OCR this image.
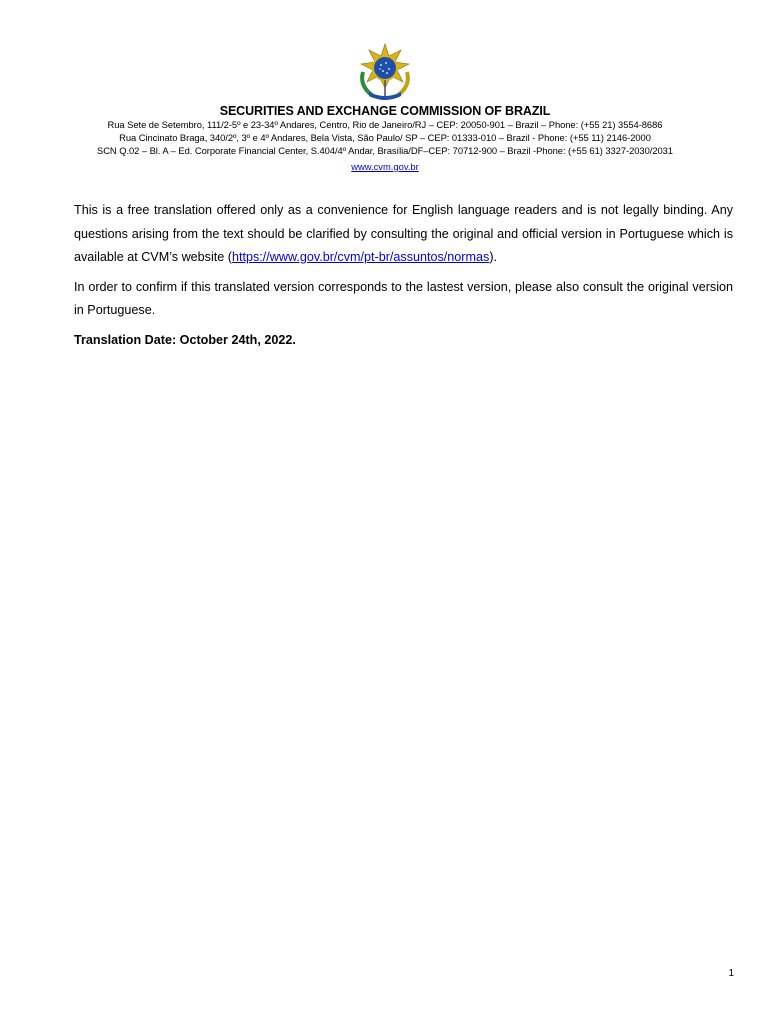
SECURITIES AND EXCHANGE COMMISSION OF BRAZIL
Rua Sete de Setembro, 111/2-5º e 23-34º Andares, Centro, Rio de Janeiro/RJ – CEP: 20050-901 – Brazil – Phone: (+55 21) 3554-8686
Rua Cincinato Braga, 340/2º, 3º e 4º Andares, Bela Vista, São Paulo/ SP – CEP: 01333-010 – Brazil - Phone: (+55 11) 2146-2000
SCN Q.02 – Bl. A – Ed. Corporate Financial Center, S.404/4º Andar, Brasília/DF–CEP: 70712-900 – Brazil -Phone: (+55 61) 3327-2030/2031
www.cvm.gov.br

This is a free translation offered only as a convenience for English language readers and is not legally binding. Any questions arising from the text should be clarified by consulting the original and official version in Portuguese which is available at CVM’s website (https://www.gov.br/cvm/pt-br/assuntos/normas).

In order to confirm if this translated version corresponds to the lastest version, please also consult the original version in Portuguese.

Translation Date: October 24th, 2022.

1
